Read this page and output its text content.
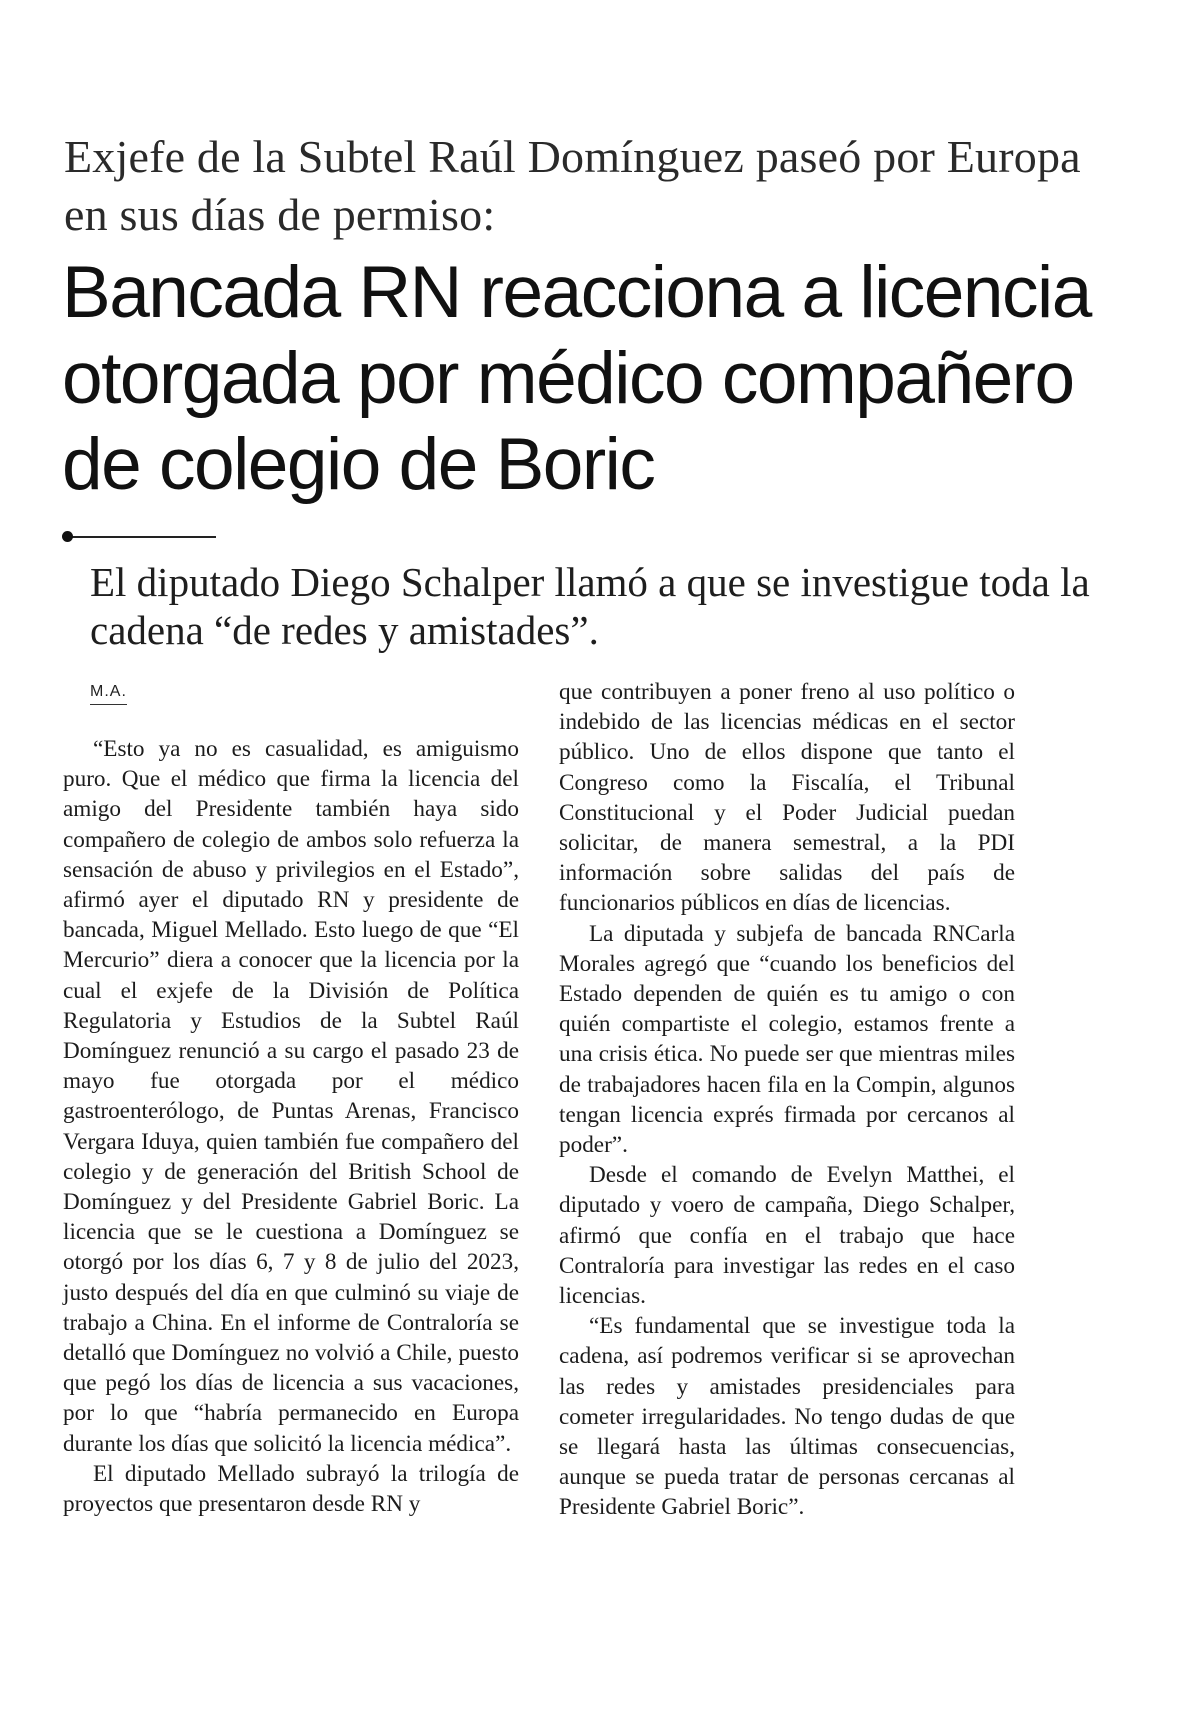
Exjefe de la Subtel Raúl Domínguez paseó por Europa en sus días de permiso:
Bancada RN reacciona a licencia otorgada por médico compañero de colegio de Boric
El diputado Diego Schalper llamó a que se investigue toda la cadena “de redes y amistades”.
M.A.

“Esto ya no es casualidad, es amiguismo puro. Que el médico que firma la licencia del amigo del Presidente también haya sido compañero de colegio de ambos solo refuerza la sensación de abuso y privilegios en el Estado”, afirmó ayer el diputado RN y presidente de bancada, Miguel Mellado. Esto luego de que “El Mercurio” diera a conocer que la licencia por la cual el exjefe de la División de Política Regulatoria y Estudios de la Subtel Raúl Domínguez renunció a su cargo el pasado 23 de mayo fue otorgada por el médico gastroenterólogo, de Puntas Arenas, Francisco Vergara Iduya, quien también fue compañero del colegio y de generación del British School de Domínguez y del Presidente Gabriel Boric. La licencia que se le cuestiona a Domínguez se otorgó por los días 6, 7 y 8 de julio del 2023, justo después del día en que culminó su viaje de trabajo a China. En el informe de Contraloría se detalló que Domínguez no volvió a Chile, puesto que pegó los días de licencia a sus vacaciones, por lo que “habría permanecido en Europa durante los días que solicitó la licencia médica”.

El diputado Mellado subrayó la trilogía de proyectos que presentaron desde RN y

que contribuyen a poner freno al uso político o indebido de las licencias médicas en el sector público. Uno de ellos dispone que tanto el Congreso como la Fiscalía, el Tribunal Constitucional y el Poder Judicial puedan solicitar, de manera semestral, a la PDI información sobre salidas del país de funcionarios públicos en días de licencias.

La diputada y subjefa de bancada RNCarla Morales agregó que “cuando los beneficios del Estado dependen de quién es tu amigo o con quién compartiste el colegio, estamos frente a una crisis ética. No puede ser que mientras miles de trabajadores hacen fila en la Compin, algunos tengan licencia exprés firmada por cercanos al poder”.

Desde el comando de Evelyn Matthei, el diputado y voero de campaña, Diego Schalper, afirmó que confía en el trabajo que hace Contraloría para investigar las redes en el caso licencias.

“Es fundamental que se investigue toda la cadena, así podremos verificar si se aprovechan las redes y amistades presidenciales para cometer irregularidades. No tengo dudas de que se llegará hasta las últimas consecuencias, aunque se pueda tratar de personas cercanas al Presidente Gabriel Boric”.
